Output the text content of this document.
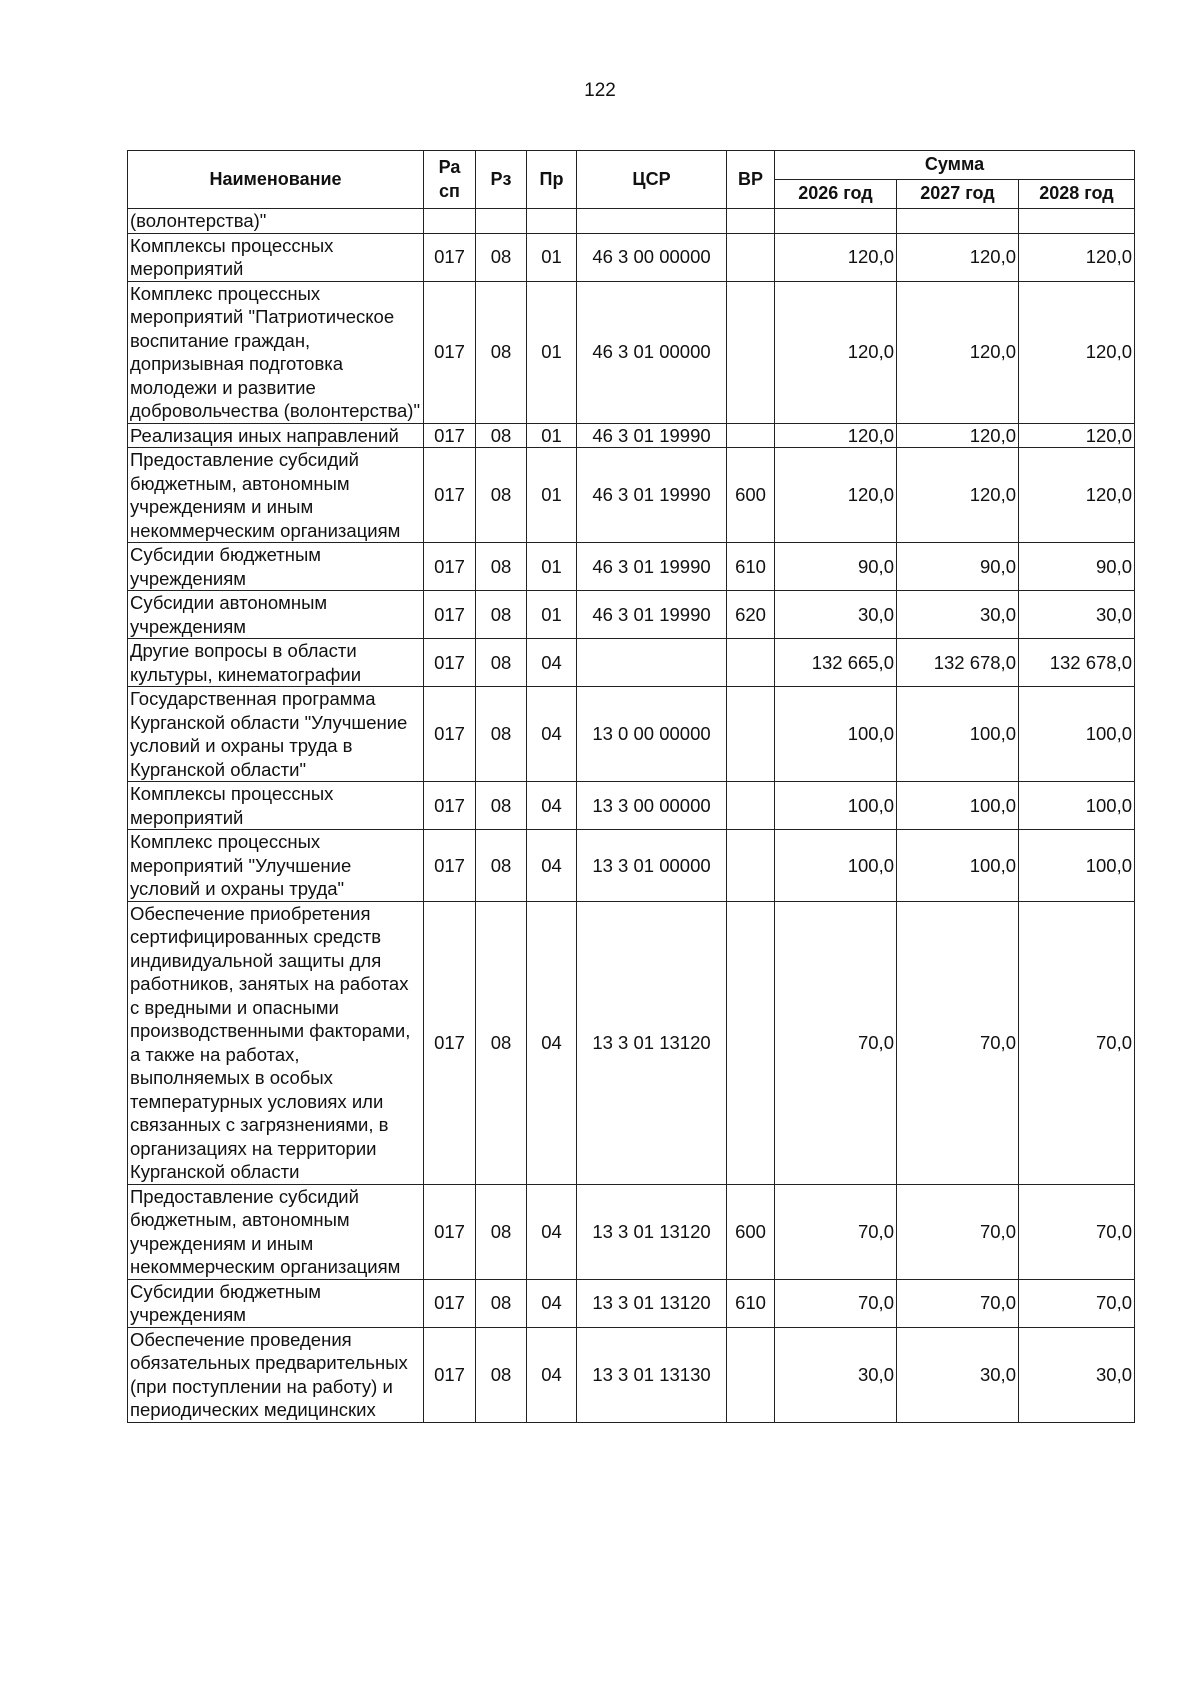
122
Наименование	Ра сп	Рз	Пр	ЦСР	ВР	Сумма		
						2026 год	2027 год	2028 год
(волонтерства)"								
Комплексы процессных мероприятий	017	08	01	46 3 00 00000		120,0	120,0	120,0
Комплекс процессных мероприятий "Патриотическое воспитание граждан, допризывная подготовка молодежи и развитие добровольчества (волонтерства)"	017	08	01	46 3 01 00000		120,0	120,0	120,0
Реализация иных направлений	017	08	01	46 3 01 19990		120,0	120,0	120,0
Предоставление субсидий бюджетным, автономным учреждениям и иным некоммерческим организациям	017	08	01	46 3 01 19990	600	120,0	120,0	120,0
Субсидии бюджетным учреждениям	017	08	01	46 3 01 19990	610	90,0	90,0	90,0
Субсидии автономным учреждениям	017	08	01	46 3 01 19990	620	30,0	30,0	30,0
Другие вопросы в области культуры, кинематографии	017	08	04			132 665,0	132 678,0	132 678,0
Государственная программа Курганской области "Улучшение условий и охраны труда в Курганской области"	017	08	04	13 0 00 00000		100,0	100,0	100,0
Комплексы процессных мероприятий	017	08	04	13 3 00 00000		100,0	100,0	100,0
Комплекс процессных мероприятий "Улучшение условий и охраны труда"	017	08	04	13 3 01 00000		100,0	100,0	100,0
Обеспечение приобретения сертифицированных средств индивидуальной защиты для работников, занятых на работах с вредными и опасными производственными факторами, а также на работах, выполняемых в особых температурных условиях или связанных с загрязнениями, в организациях на территории Курганской области	017	08	04	13 3 01 13120		70,0	70,0	70,0
Предоставление субсидий бюджетным, автономным учреждениям и иным некоммерческим организациям	017	08	04	13 3 01 13120	600	70,0	70,0	70,0
Субсидии бюджетным учреждениям	017	08	04	13 3 01 13120	610	70,0	70,0	70,0
Обеспечение проведения обязательных предварительных (при поступлении на работу) и периодических медицинских	017	08	04	13 3 01 13130		30,0	30,0	30,0
